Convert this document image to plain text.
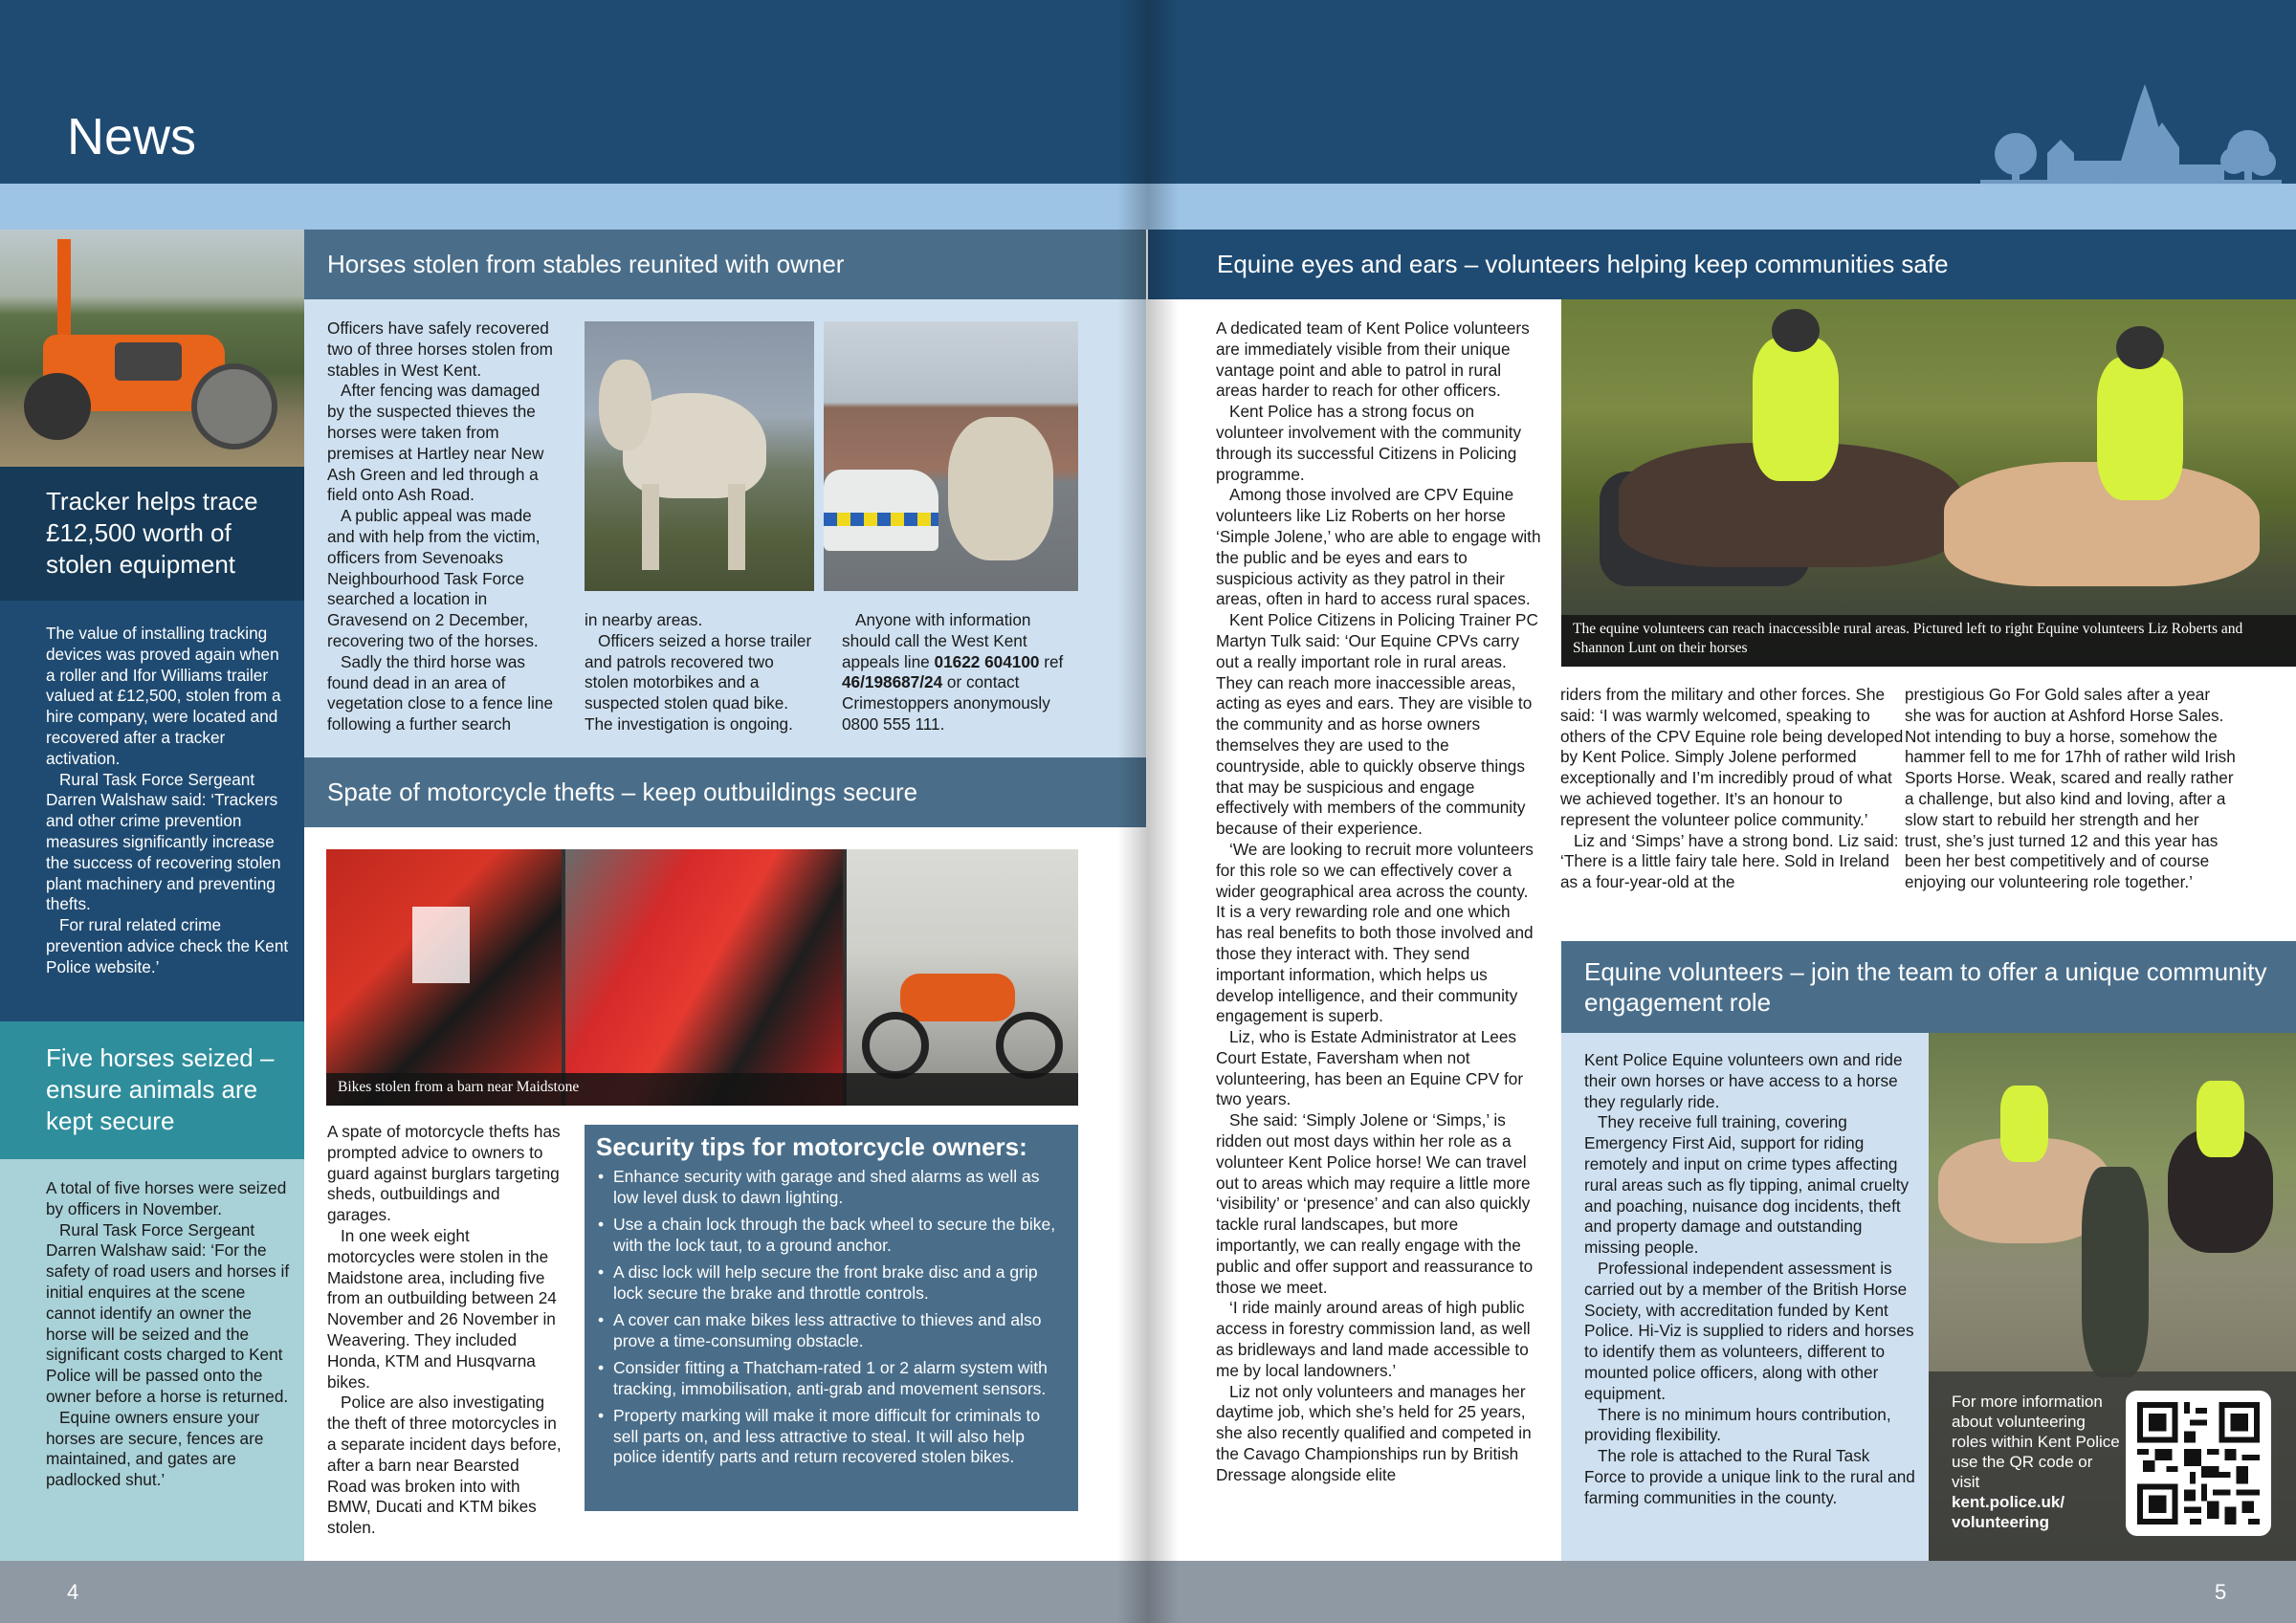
News
Tracker helps trace £12,500 worth of stolen equipment

The value of installing tracking devices was proved again when a roller and Ifor Williams trailer valued at £12,500, stolen from a hire company, were located and recovered after a tracker activation.

Rural Task Force Sergeant Darren Walshaw said: ‘Trackers and other crime prevention measures significantly increase the success of recovering stolen plant machinery and preventing thefts.

For rural related crime prevention advice check the Kent Police website.’

Five horses seized – ensure animals are kept secure

A total of five horses were seized by officers in November.

Rural Task Force Sergeant Darren Walshaw said: ‘For the safety of road users and horses if initial enquires at the scene cannot identify an owner the horse will be seized and the significant costs charged to Kent Police will be passed onto the owner before a horse is returned.

Equine owners ensure your horses are secure, fences are maintained, and gates are padlocked shut.’

Horses stolen from stables reunited with owner

Officers have safely recovered two of three horses stolen from stables in West Kent.

After fencing was damaged by the suspected thieves the horses were taken from premises at Hartley near New Ash Green and led through a field onto Ash Road.

A public appeal was made and with help from the victim, officers from Sevenoaks Neighbourhood Task Force searched a location in Gravesend on 2 December, recovering two of the horses.

Sadly the third horse was found dead in an area of vegetation close to a fence line following a further search

in nearby areas.

Officers seized a horse trailer and patrols recovered two stolen motorbikes and a suspected stolen quad bike. The investigation is ongoing.

Anyone with information should call the West Kent appeals line 01622 604100 ref 46/198687/24 or contact Crimestoppers anonymously 0800 555 111.

Spate of motorcycle thefts – keep outbuildings secure
Bikes stolen from a barn near Maidstone

A spate of motorcycle thefts has prompted advice to owners to guard against burglars targeting sheds, outbuildings and garages.

In one week eight motorcycles were stolen in the Maidstone area, including five from an outbuilding between 24 November and 26 November in Weavering. They included Honda, KTM and Husqvarna bikes.

Police are also investigating the theft of three motorcycles in a separate incident days before, after a barn near Bearsted Road was broken into with BMW, Ducati and KTM bikes stolen.

Security tips for motorcycle owners:
• Enhance security with garage and shed alarms as well as low level dusk to dawn lighting.
• Use a chain lock through the back wheel to secure the bike, with the lock taut, to a ground anchor.
• A disc lock will help secure the front brake disc and a grip lock secure the brake and throttle controls.
• A cover can make bikes less attractive to thieves and also prove a time-consuming obstacle.
• Consider fitting a Thatcham-rated 1 or 2 alarm system with tracking, immobilisation, anti-grab and movement sensors.
• Property marking will make it more difficult for criminals to sell parts on, and less attractive to steal. It will also help police identify parts and return recovered stolen bikes.
Equine eyes and ears – volunteers helping keep communities safe

A dedicated team of Kent Police volunteers are immediately visible from their unique vantage point and able to patrol in rural areas harder to reach for other officers.

Kent Police has a strong focus on volunteer involvement with the community through its successful Citizens in Policing programme.

Among those involved are CPV Equine volunteers like Liz Roberts on her horse ‘Simple Jolene,’ who are able to engage with the public and be eyes and ears to suspicious activity as they patrol in their areas, often in hard to access rural spaces.

Kent Police Citizens in Policing Trainer PC Martyn Tulk said: ‘Our Equine CPVs carry out a really important role in rural areas. They can reach more inaccessible areas, acting as eyes and ears. They are visible to the community and as horse owners themselves they are used to the countryside, able to quickly observe things that may be suspicious and engage effectively with members of the community because of their experience.

‘We are looking to recruit more volunteers for this role so we can effectively cover a wider geographical area across the county. It is a very rewarding role and one which has real benefits to both those involved and those they interact with. They send important information, which helps us develop intelligence, and their community engagement is superb.

Liz, who is Estate Administrator at Lees Court Estate, Faversham when not volunteering, has been an Equine CPV for two years.

She said: ‘Simply Jolene or ‘Simps,’ is ridden out most days within her role as a volunteer Kent Police horse! We can travel out to areas which may require a little more ‘visibility’ or ‘presence’ and can also quickly tackle rural landscapes, but more importantly, we can really engage with the public and offer support and reassurance to those we meet.

‘I ride mainly around areas of high public access in forestry commission land, as well as bridleways and land made accessible to me by local landowners.’

Liz not only volunteers and manages her daytime job, which she’s held for 25 years, she also recently qualified and competed in the Cavago Championships run by British Dressage alongside elite

The equine volunteers can reach inaccessible rural areas. Pictured left to right Equine volunteers Liz Roberts and Shannon Lunt on their horses

riders from the military and other forces. She said: ‘I was warmly welcomed, speaking to others of the CPV Equine role being developed by Kent Police. Simply Jolene performed exceptionally and I’m incredibly proud of what we achieved together. It’s an honour to represent the volunteer police community.’

Liz and ‘Simps’ have a strong bond. Liz said: ‘There is a little fairy tale here. Sold in Ireland as a four-year-old at the

prestigious Go For Gold sales after a year she was for auction at Ashford Horse Sales. Not intending to buy a horse, somehow the hammer fell to me for 17hh of rather wild Irish Sports Horse. Weak, scared and really rather a challenge, but also kind and loving, after a slow start to rebuild her strength and her trust, she’s just turned 12 and this year has been her best competitively and of course enjoying our volunteering role together.’

Equine volunteers – join the team to offer a unique community engagement role

Kent Police Equine volunteers own and ride their own horses or have access to a horse they regularly ride.

They receive full training, covering Emergency First Aid, support for riding remotely and input on crime types affecting rural areas such as fly tipping, animal cruelty and poaching, nuisance dog incidents, theft and property damage and outstanding missing people.

Professional independent assessment is carried out by a member of the British Horse Society, with accreditation funded by Kent Police. Hi-Viz is supplied to riders and horses to identify them as volunteers, different to mounted police officers, along with other equipment.

There is no minimum hours contribution, providing flexibility.

The role is attached to the Rural Task Force to provide a unique link to the rural and farming communities in the county.

For more information about volunteering roles within Kent Police use the QR code or visit
kent.police.uk/ volunteering
4	5
